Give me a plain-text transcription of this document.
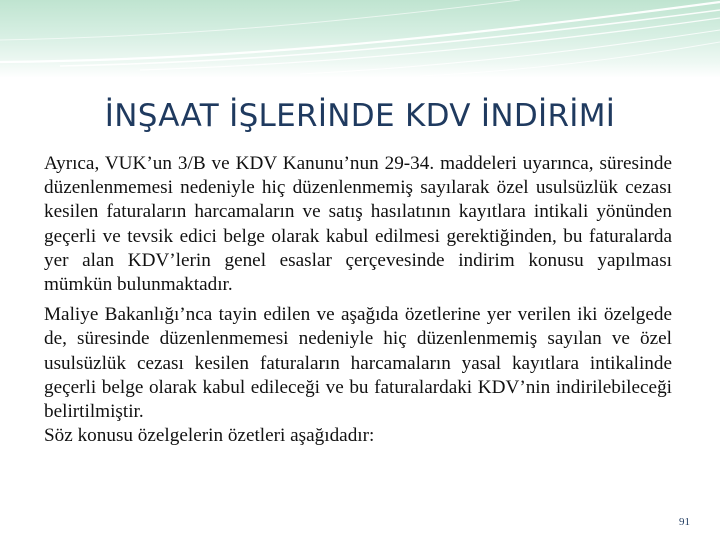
İNŞAAT İŞLERİNDE KDV İNDİRİMİ

Ayrıca, VUK’un 3/B ve KDV Kanunu’nun 29-34. maddeleri uyarınca, süresinde düzenlenmemesi nedeniyle hiç düzenlenmemiş sayılarak özel usulsüzlük cezası kesilen faturaların harcamaların ve satış hasılatının kayıtlara intikali yönünden geçerli ve tevsik edici belge olarak kabul edilmesi gerektiğinden, bu faturalarda yer alan KDV’lerin genel esaslar çerçevesinde indirim konusu yapılması mümkün bulunmaktadır.

Maliye Bakanlığı’nca tayin edilen ve aşağıda özetlerine yer verilen iki özelgede de, süresinde düzenlenmemesi nedeniyle hiç düzenlenmemiş sayılan ve özel usulsüzlük cezası kesilen faturaların harcamaların yasal kayıtlara intikalinde geçerli belge olarak kabul edileceği ve bu faturalardaki KDV’nin indirilebileceği belirtilmiştir.

Söz konusu özelgelerin özetleri aşağıdadır:

91
